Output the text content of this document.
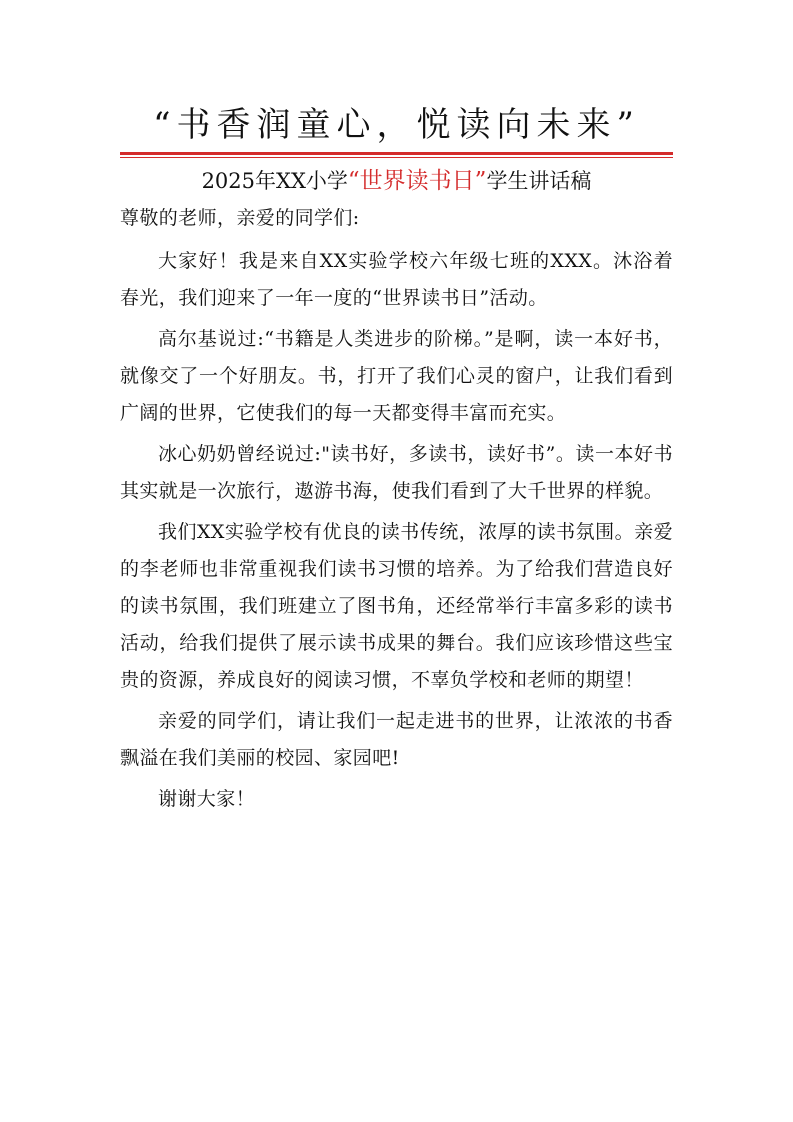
“书香润童心，悦读向未来”
2025年XX小学“世界读书日”学生讲话稿

尊敬的老师，亲爱的同学们:

大家好！我是来自XX实验学校六年级七班的XXX。沐浴着春光，我们迎来了一年一度的“世界读书日”活动。

高尔基说过:“书籍是人类进步的阶梯。”是啊，读一本好书，就像交了一个好朋友。书，打开了我们心灵的窗户，让我们看到广阔的世界，它使我们的每一天都变得丰富而充实。

冰心奶奶曾经说过:"读书好，多读书，读好书”。读一本好书其实就是一次旅行，遨游书海，使我们看到了大千世界的样貌。

我们XX实验学校有优良的读书传统，浓厚的读书氛围。亲爱的李老师也非常重视我们读书习惯的培养。为了给我们营造良好的读书氛围，我们班建立了图书角，还经常举行丰富多彩的读书活动，给我们提供了展示读书成果的舞台。我们应该珍惜这些宝贵的资源，养成良好的阅读习惯，不辜负学校和老师的期望！

亲爱的同学们，请让我们一起走进书的世界，让浓浓的书香飘溢在我们美丽的校园、家园吧!

谢谢大家！
